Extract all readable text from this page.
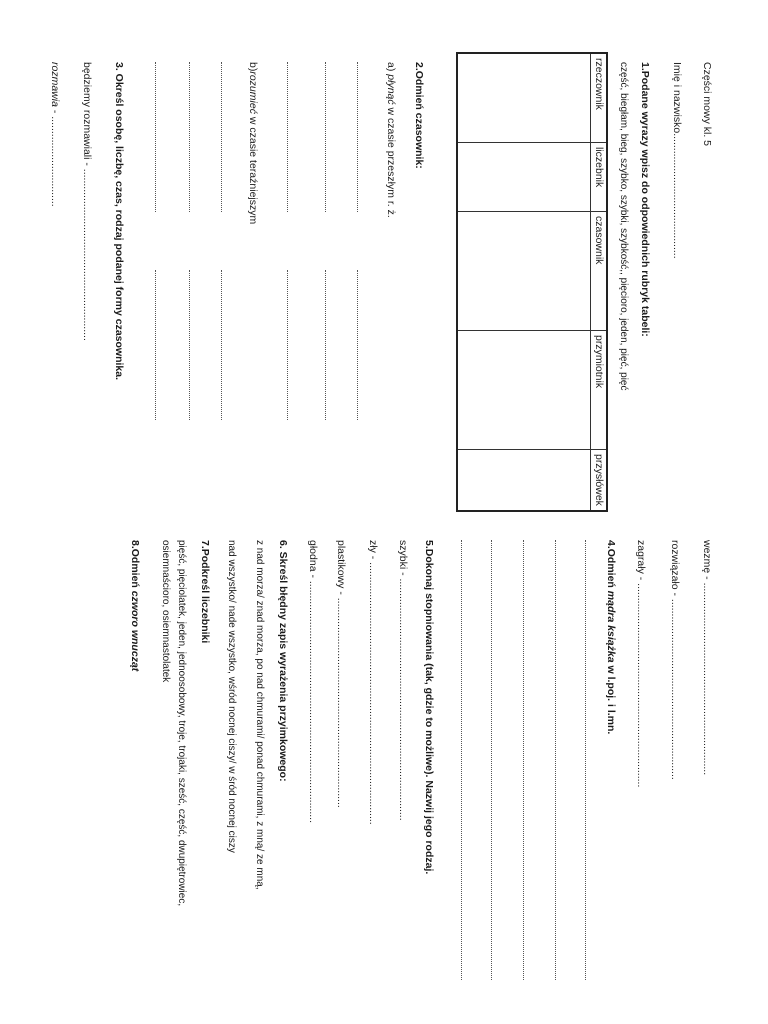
Części mowy kl. 5
Imię i nazwisko...........................................
1.Podane wyrazy wpisz do odpowiednich rubryk tabeli:
część, biegłam, bieg, szybko, szybki, szybkość,, pięcioro, jeden, pięć, pięć
rzeczownik	liczebnik	czasownik	przymiotnik	przysłówek

2.Odmień czasownik:
a) płynąć w czasie przeszłym r. ż.
b)rozumieć w czasie teraźniejszym
3. Określ osobę, liczbę, czas, rodzaj podanej formy czasownika.
będziemy rozmawiali - ...........................................................
rozmawia - ...............................
wezmę - ..................................................................
rozwiązało - ..............................................................
zagrały - ......................................................................
4.Odmień mądra książka w l.poj. i l.mn.
5.Dokonaj stopniowania (tak, gdzie to możliwe). Nazwij jego rodzaj.
szybki - ...................................................................................
zły - ..........................................................................................
plastikowy - ........................................................................
głodna - ...................................................................................
6. Skreśl błędny zapis wyrażenia przyimkowego:
z nad morza/ znad morza, po nad chmurami/ ponad chmurami, z mną/ ze mną,
nad wszystko/ nade wszystko, wśród nocnej ciszy/ w śród nocnej ciszy
7.Podkreśl liczebniki
pięść, pięciolatek, jeden, jednoosobowy, troje, trojaki, sześć, część, dwupiętrowiec,
osiemnaścioro, osiemnastolatek
8.Odmień czworo wnucząt
